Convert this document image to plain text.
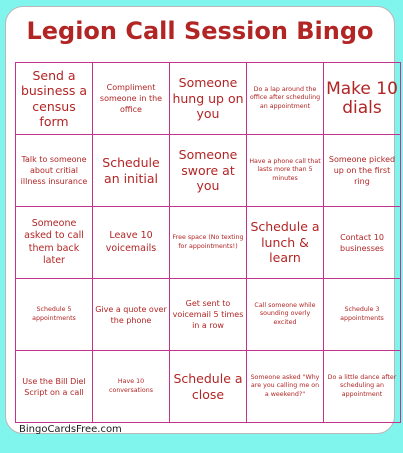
Legion Call Session Bingo
Send a business a census form
Compliment someone in the office
Someone hung up on you
Do a lap around the office after scheduling an appointment
Make 10 dials
Talk to someone about critial illness insurance
Schedule an initial
Someone swore at you
Have a phone call that lasts more than 5 minutes
Someone picked up on the first ring
Someone asked to call them back later
Leave 10 voicemails
Free space (No texting for appointments!)
Schedule a lunch & learn
Contact 10 businesses
Schedule 5 appointments
Give a quote over the phone
Get sent to voicemail 5 times in a row
Call someone while sounding overly excited
Schedule 3 appointments
Use the Bill Diel Script on a call
Have 10 conversations
Schedule a close
Someone asked "Why are you calling me on a weekend?"
Do a little dance after scheduling an appointment
BingoCardsFree.com
